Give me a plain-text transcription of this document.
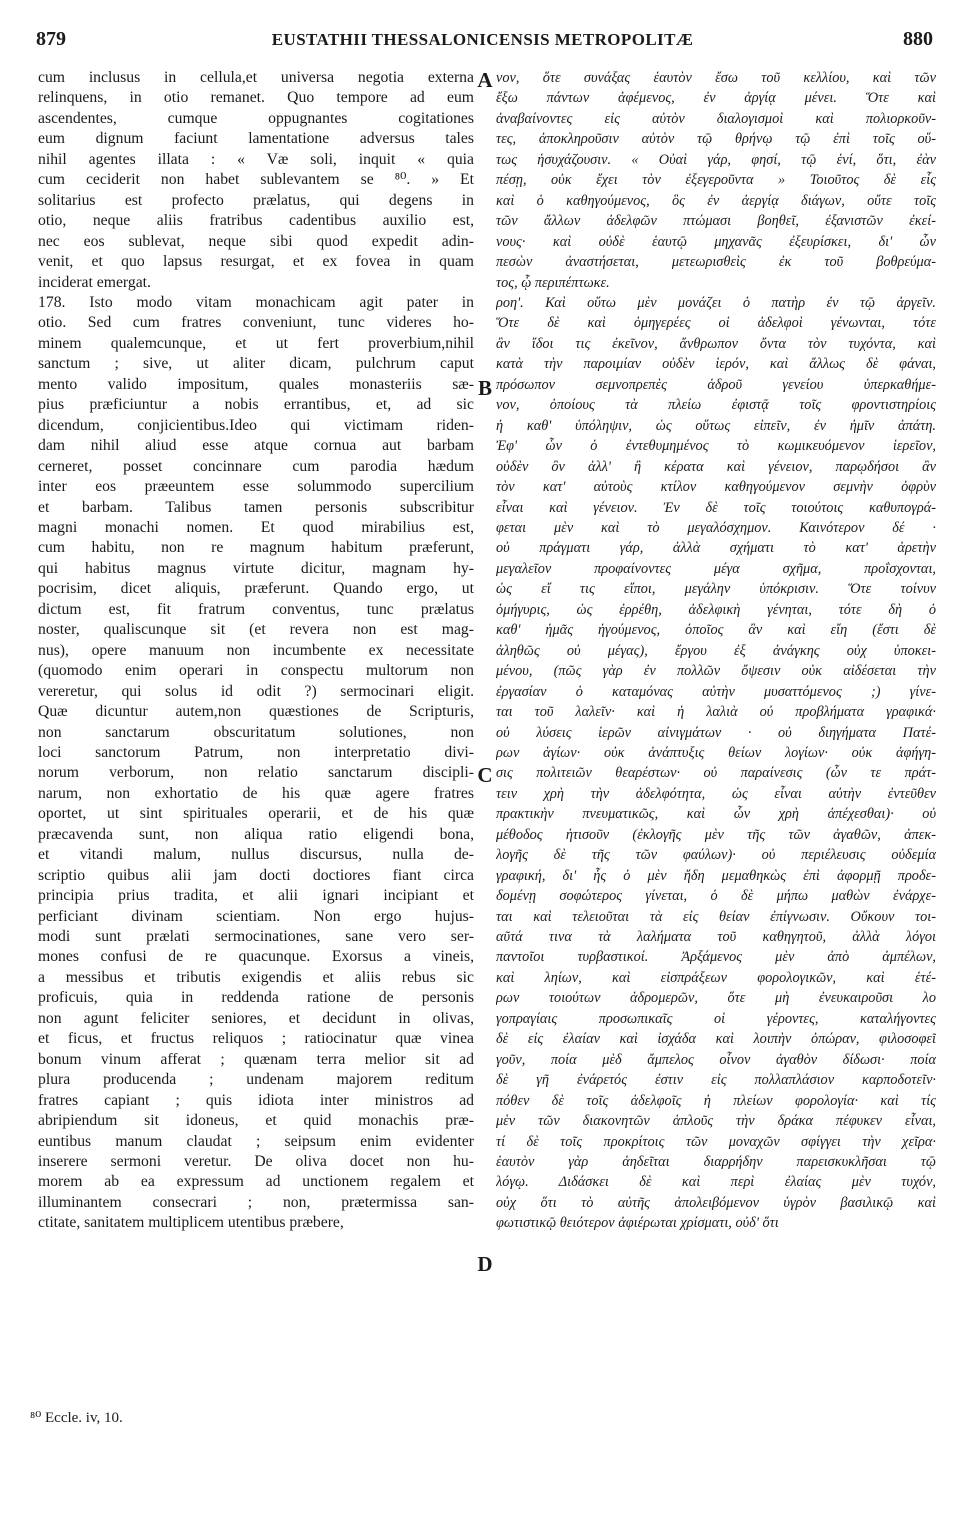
879	EUSTATHII THESSALONICENSIS METROPOLITÆ	880
cum inclusus in cellula,et universa negotia externa
relinquens, in otio remanet. Quo tempore ad eum
ascendentes, cumque oppugnantes cogitationes
eum dignum faciunt lamentatione adversus tales
nihil agentes illata : « Væ soli, inquit « quia
cum ceciderit non habet sublevantem se ⁸⁰. » Et
solitarius est profecto prælatus, qui degens in
otio, neque aliis fratribus cadentibus auxilio est,
nec eos sublevat, neque sibi quod expedit adin-
venit, et quo lapsus resurgat, et ex fovea in quam
inciderat emergat.
178. Isto modo vitam monachicam agit pater in
otio. Sed cum fratres conveniunt, tunc videres ho-
minem qualemcunque, et ut fert proverbium,nihil
sanctum ; sive, ut aliter dicam, pulchrum caput
mento valido impositum, quales monasteriis sæ-
pius præficiuntur a nobis errantibus, et, ad sic
dicendum, conjicientibus.Ideo qui victimam riden-
dam nihil aliud esse atque cornua aut barbam
cerneret, posset concinnare cum parodia hædum
inter eos præeuntem esse solummodo supercilium
et barbam. Talibus tamen personis subscribitur
magni monachi nomen. Et quod mirabilius est,
cum habitu, non re magnum habitum præferunt,
qui habitus magnus virtute dicitur, magnam hy-
pocrisim, dicet aliquis, præferunt. Quando ergo, ut
dictum est, fit fratrum conventus, tunc prælatus
noster, qualiscunque sit (et revera non est mag-
nus), opere manuum non incumbente ex necessitate
(quomodo enim operari in conspectu multorum non
vereretur, qui solus id odit ?) sermocinari eligit.
Quæ dicuntur autem,non quæstiones de Scripturis,
non sanctarum obscuritatum solutiones, non
loci sanctorum Patrum, non interpretatio divi-
norum verborum, non relatio sanctarum discipli-
narum, non exhortatio de his quæ agere fratres
oportet, ut sint spirituales operarii, et de his quæ
præcavenda sunt, non aliqua ratio eligendi bona,
et vitandi malum, nullus discursus, nulla de-
scriptio quibus alii jam docti doctiores fiant circa
principia prius tradita, et alii ignari incipiant et
perficiant divinam scientiam. Non ergo hujus-
modi sunt prælati sermocinationes, sane vero ser-
mones confusi de re quacunque. Exorsus a vineis,
a messibus et tributis exigendis et aliis rebus sic
proficuis, quia in reddenda ratione de personis
non agunt feliciter seniores, et decidunt in olivas,
et ficus, et fructus reliquos ; ratiocinatur quæ vinea
bonum vinum afferat ; quænam terra melior sit ad
plura producenda ; undenam majorem reditum
fratres capiant ; quis idiota inter ministros ad
abripiendum sit idoneus, et quid monachis præ-
euntibus manum claudat ; seipsum enim evidenter
inserere sermoni veretur. De oliva docet non hu-
morem ab ea expressum ad unctionem regalem et
illuminantem consecrari ; non, prætermissa san-
ctitate, sanitatem multiplicem utentibus præbere,
νον, ὅτε συνάξας ἑαυτὸν ἔσω τοῦ κελλίου, καὶ τῶν
ἔξω πάντων ἀφέμενος, ἐν ἀργίᾳ μένει. Ὅτε καὶ
ἀναβαίνοντες εἰς αὐτὸν διαλογισμοὶ καὶ πολιορκοῦν-
τες, ἀποκληροῦσιν αὐτὸν τῷ θρήνῳ τῷ ἐπὶ τοῖς οὕ-
τως ἡσυχάζουσιν. « Οὐαὶ γάρ, φησί, τῷ ἑνί, ὅτι, ἐὰν
πέσῃ, οὐκ ἔχει τὸν ἐξεγεροῦντα » Τοιοῦτος δὲ εἷς
καὶ ὁ καθηγούμενος, ὃς ἐν ἀεργίᾳ διάγων, οὔτε τοῖς
τῶν ἄλλων ἀδελφῶν πτώμασι βοηθεῖ, ἐξανιστῶν ἐκεί-
νους· καὶ οὐδὲ ἑαυτῷ μηχανᾶς ἐξευρίσκει, δι' ὧν
πεσὼν ἀναστήσεται, μετεωρισθεὶς ἐκ τοῦ βοθρεύμα-
τος, ᾧ περιπέπτωκε.
ροη'. Καὶ οὕτω μὲν μονάζει ὁ πατὴρ ἐν τῷ ἀργεῖν.
Ὅτε δὲ καὶ ὁμηγερέες οἱ ἀδελφοὶ γένωνται, τότε
ἂν ἴδοι τις ἐκεῖνον, ἄνθρωπον ὄντα τὸν τυχόντα, καὶ
κατὰ τὴν παροιμίαν οὐδὲν ἱερόν, καὶ ἄλλως δὲ φάναι,
πρόσωπον σεμνοπρεπὲς ἁδροῦ γενείου ὑπερκαθήμε-
νον, ὁποίους τὰ πλείω ἐφιστᾷ τοῖς φροντιστηρίοις
ἡ καθ' ὑπόληψιν, ὡς οὕτως εἰπεῖν, ἐν ἡμῖν ἀπάτη.
Ἐφ' ὧν ὁ ἐντεθυμημένος τὸ κωμικευόμενον ἱερεῖον,
οὐδὲν ὂν ἀλλ' ἢ κέρατα καὶ γένειον, παρῳδήσοι ἂν
τὸν κατ' αὐτοὺς κτίλον καθηγούμενον σεμνὴν ὀφρὺν
εἶναι καὶ γένειον. Ἐν δὲ τοῖς τοιούτοις καθυπογρά-
φεται μὲν καὶ τὸ μεγαλόσχημον. Καινότερον δέ ·
οὐ πράγματι γάρ, ἀλλὰ σχήματι τὸ κατ' ἀρετὴν
μεγαλεῖον προφαίνοντες μέγα σχῆμα, προΐσχονται,
ὡς εἴ τις εἴποι, μεγάλην ὑπόκρισιν. Ὅτε τοίνυν
ὁμήγυρις, ὡς ἐρρέθη, ἀδελφικὴ γένηται, τότε δὴ ὁ
καθ' ἡμᾶς ἡγούμενος, ὁποῖος ἂν καὶ εἴη (ἔστι δὲ
ἀληθῶς οὐ μέγας), ἔργου ἐξ ἀνάγκης οὐχ ὑποκει-
μένου, (πῶς γὰρ ἐν πολλῶν ὄψεσιν οὐκ αἰδέσεται τὴν
ἐργασίαν ὁ καταμόνας αὐτὴν μυσαττόμενος ;) γίνε-
ται τοῦ λαλεῖν· καὶ ἡ λαλιὰ οὐ προβλήματα γραφικά·
οὐ λύσεις ἱερῶν αἰνιγμάτων · οὐ διηγήματα Πατέ-
ρων ἁγίων· οὐκ ἀνάπτυξις θείων λογίων· οὐκ ἀφήγη-
σις πολιτειῶν θεαρέστων· οὐ παραίνεσις (ὧν τε πράτ-
τειν χρὴ τὴν ἀδελφότητα, ὡς εἶναι αὐτὴν ἐντεῦθεν
πρακτικὴν πνευματικῶς, καὶ ὧν χρὴ ἀπέχεσθαι)· οὐ
μέθοδος ἡτισοῦν (ἐκλογῆς μὲν τῆς τῶν ἀγαθῶν, ἀπεκ-
λογῆς δὲ τῆς τῶν φαύλων)· οὐ περιέλευσις οὐδεμία
γραφική, δι' ἧς ὁ μὲν ἤδη μεμαθηκὼς ἐπὶ ἀφορμῇ προδε-
δομένῃ σοφώτερος γίνεται, ὁ δὲ μήπω μαθὼν ἐνάρχε-
ται καὶ τελειοῦται τὰ εἰς θείαν ἐπίγνωσιν. Οὔκουν τοι-
αῦτά τινα τὰ λαλήματα τοῦ καθηγητοῦ, ἀλλὰ λόγοι
παντοῖοι τυρβαστικοί. Ἀρξάμενος μὲν ἀπὸ ἀμπέλων,
καὶ ληίων, καὶ εἰσπράξεων φορολογικῶν, καὶ ἑτέ-
ρων τοιούτων ἁδρομερῶν, ὅτε μὴ ἐνευκαιροῦσι λο
γοπραγίαις προσωπικαῖς οἱ γέροντες, καταλήγοντες
δὲ εἰς ἐλαίαν καὶ ἰσχάδα καὶ λοιπὴν ὀπώραν, φιλοσοφεῖ
γοῦν, ποία μὲδ ἄμπελος οἶνον ἀγαθὸν δίδωσι· ποία
δὲ γῆ ἐνάρετός ἐστιν εἰς πολλαπλάσιον καρποδοτεῖν·
πόθεν δὲ τοῖς ἀδελφοῖς ἡ πλείων φορολογία· καὶ τίς
μὲν τῶν διακονητῶν ἁπλοῦς τὴν δράκα πέφυκεν εἶναι,
τί δὲ τοῖς προκρίτοις τῶν μοναχῶν σφίγγει τὴν χεῖρα·
ἑαυτὸν γὰρ ἀηδεῖται διαρρήδην παρεισκυκλῆσαι τῷ
λόγῳ. Διδάσκει δὲ καὶ περὶ ἐλαίας μὲν τυχόν,
οὐχ ὅτι τὸ αὐτῆς ἀπολειβόμενον ὑγρὸν βασιλικῷ καὶ
φωτιστικῷ θειότερον ἀφιέρωται χρίσματι, οὐδ' ὅτι
A
B
C
D
⁸⁰ Eccle. iv, 10.
